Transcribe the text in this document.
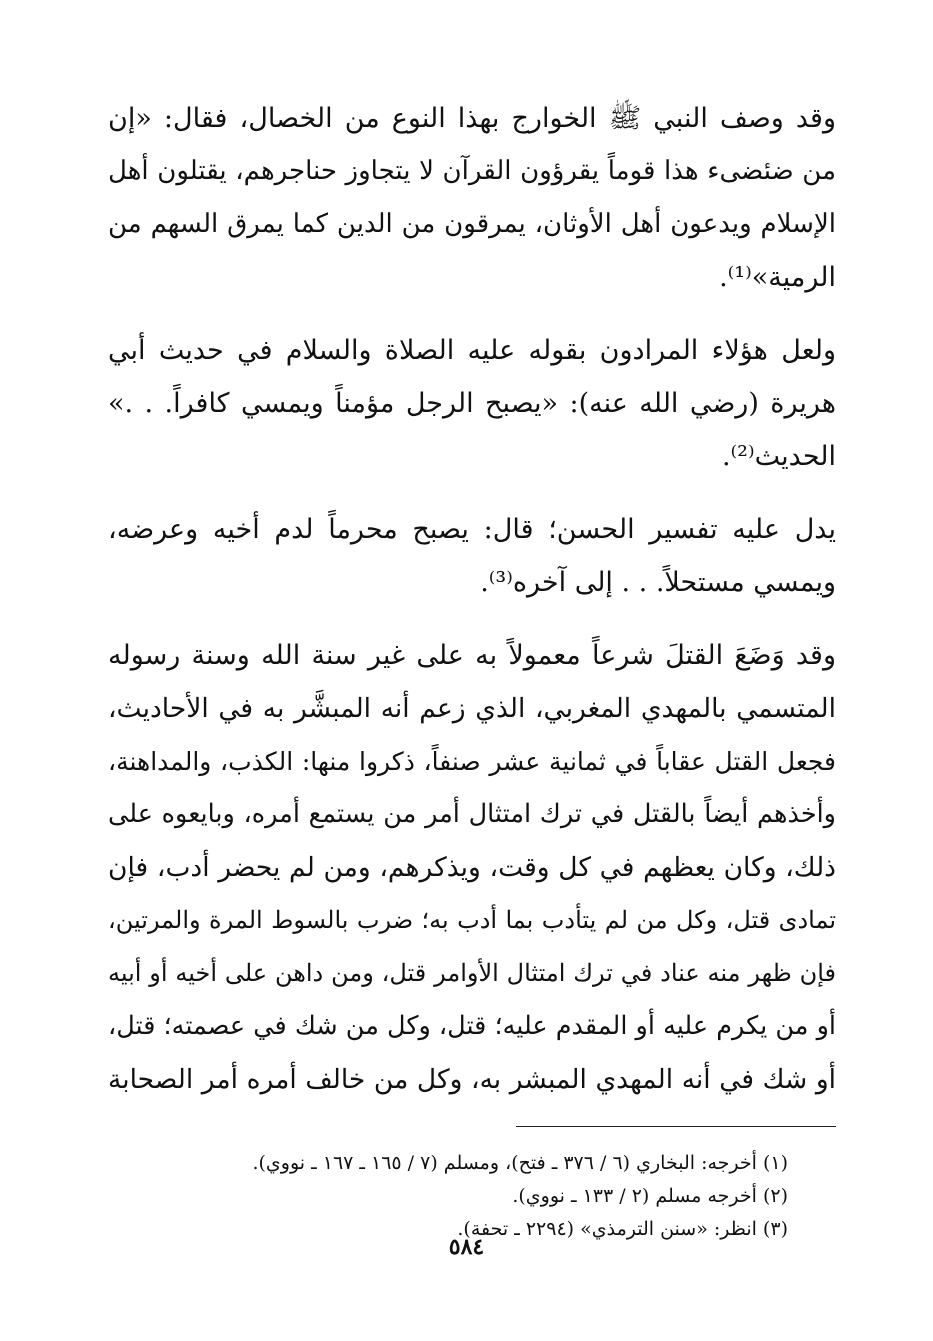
وقد وصف النبي ﷺ الخوارج بهذا النوع من الخصال، فقال: «إن
من ضئضىء هذا قوماً يقرؤون القرآن لا يتجاوز حناجرهم، يقتلون أهل
الإسلام ويدعون أهل الأوثان، يمرقون من الدين كما يمرق السهم من
الرمية»⁽¹⁾.
ولعل هؤلاء المرادون بقوله عليه الصلاة والسلام في حديث أبي
هريرة (رضي الله عنه): «يصبح الرجل مؤمناً ويمسي كافراً. . .»
الحديث⁽²⁾.
يدل عليه تفسير الحسن؛ قال: يصبح محرماً لدم أخيه وعرضه،
ويمسي مستحلاً. . . إلى آخره⁽³⁾.
وقد وَضَعَ القتلَ شرعاً معمولاً به على غير سنة الله وسنة رسوله
المتسمي بالمهدي المغربي، الذي زعم أنه المبشَّر به في الأحاديث،
فجعل القتل عقاباً في ثمانية عشر صنفاً، ذكروا منها: الكذب، والمداهنة،
وأخذهم أيضاً بالقتل في ترك امتثال أمر من يستمع أمره، وبايعوه على
ذلك، وكان يعظهم في كل وقت، ويذكرهم، ومن لم يحضر أدب، فإن
تمادى قتل، وكل من لم يتأدب بما أدب به؛ ضرب بالسوط المرة والمرتين،
فإن ظهر منه عناد في ترك امتثال الأوامر قتل، ومن داهن على أخيه أو أبيه
أو من يكرم عليه أو المقدم عليه؛ قتل، وكل من شك في عصمته؛ قتل،
أو شك في أنه المهدي المبشر به، وكل من خالف أمره أمر الصحابة
(١) أخرجه: البخاري (٦ / ٣٧٦ ـ فتح)، ومسلم (٧ / ١٦٥ ـ ١٦٧ ـ نووي).
(٢) أخرجه مسلم (٢ / ١٣٣ ـ نووي).
(٣) انظر: «سنن الترمذي» (٢٢٩٤ ـ تحفة).
٥٨٤
